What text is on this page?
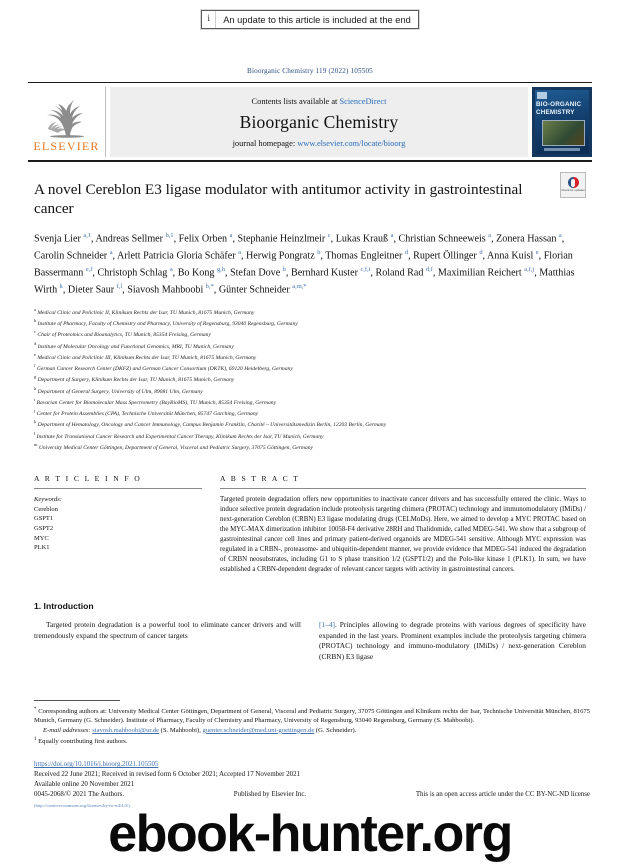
i	An update to this article is included at the end
Bioorganic Chemistry 119 (2022) 105505
ELSEVIER
Contents lists available at ScienceDirect
Bioorganic Chemistry
journal homepage: www.elsevier.com/locate/bioorg
BIO-ORGANIC CHEMISTRY
A novel Cereblon E3 ligase modulator with antitumor activity in gastrointestinal cancer
Check for updates
Svenja Lier $^{a,1}$, Andreas Sellmer $^{b,1}$, Felix Orben $^a$, Stephanie Heinzlmeir $^c$, Lukas Krauß $^a$, Christian Schneeweis $^a$, Zonera Hassan $^a$, Carolin Schneider $^a$, Arlett Patricia Gloria Schäfer $^a$, Herwig Pongratz $^b$, Thomas Engleitner $^d$, Rupert Öllinger $^d$, Anna Kuisl $^e$, Florian Bassermann $^{e,f}$, Christoph Schlag $^a$, Bo Kong $^{g,h}$, Stefan Dove $^b$, Bernhard Kuster $^{c,f,i}$, Roland Rad $^{d,f}$, Maximilian Reichert $^{a,f,j}$, Matthias Wirth $^k$, Dieter Saur $^{f,l}$, Siavosh Mahboobi $^{b,*}$, Günter Schneider $^{a,m,*}$
$^a$ Medical Clinic and Policlinic II, Klinikum Rechts der Isar, TU Munich, 81675 Munich, Germany
$^b$ Institute of Pharmacy, Faculty of Chemistry and Pharmacy, University of Regensburg, 93040 Regensburg, Germany
$^c$ Chair of Proteomics and Bioanalytics, TU Munich, 85354 Freising, Germany
$^d$ Institute of Molecular Oncology and Functional Genomics, MRI, TU Munich, Germany
$^e$ Medical Clinic and Policlinic III, Klinikum Rechts der Isar, TU Munich, 81675 Munich, Germany
$^f$ German Cancer Research Center (DKFZ) and German Cancer Consortium (DKTK), 69120 Heidelberg, Germany
$^g$ Department of Surgery, Klinikum Rechts der Isar, TU Munich, 81675 Munich, Germany
$^h$ Department of General Surgery, University of Ulm, 89081 Ulm, Germany
$^i$ Bavarian Center for Biomolecular Mass Spectrometry (BayBioMS), TU Munich, 85354 Freising, Germany
$^j$ Center for Protein Assemblies (CPA), Technische Universität München, 85747 Garching, Germany
$^k$ Department of Hematology, Oncology and Cancer Immunology, Campus Benjamin Franklin, Charité – Universitätsmedizin Berlin, 12203 Berlin, Germany
$^l$ Institute for Translational Cancer Research and Experimental Cancer Therapy, Klinikum Rechts der Isar, TU Munich, Germany
$^m$ University Medical Center Göttingen, Department of General, Visceral and Pediatric Surgery, 37075 Göttingen, Germany
A R T I C L E I N F O
Keywords:
Cereblon
GSPT1
GSPT2
MYC
PLK1
A B S T R A C T
Targeted protein degradation offers new opportunities to inactivate cancer drivers and has successfully entered the clinic. Ways to induce selective protein degradation include proteolysis targeting chimera (PROTAC) technology and immunomodulatory (IMiDs) / next-generation Cereblon (CRBN) E3 ligase modulating drugs (CELMoDs). Here, we aimed to develop a MYC PROTAC based on the MYC-MAX dimerization inhibitor 10058-F4 derivative 28RH and Thalidomide, called MDEG-541. We show that a subgroup of gastrointestinal cancer cell lines and primary patient-derived organoids are MDEG-541 sensitive. Although MYC expression was regulated in a CRBN-, proteasome- and ubiquitin-dependent manner, we provide evidence that MDEG-541 induced the degradation of CRBN neosubstrates, including G1 to S phase transition 1/2 (GSPT1/2) and the Polo-like kinase 1 (PLK1). In sum, we have established a CRBN-dependent degrader of relevant cancer targets with activity in gastrointestinal cancers.
1. Introduction
Targeted protein degradation is a powerful tool to eliminate cancer drivers and will tremendously expand the spectrum of cancer targets
[1–4]. Principles allowing to degrade proteins with various degrees of specificity have expanded in the last years. Prominent examples include the proteolysis targeting chimera (PROTAC) technology and immuno-modulatory (IMiDs) / next-generation Cereblon (CRBN) E3 ligase
* Corresponding authors at: University Medical Center Göttingen, Department of General, Visceral and Pediatric Surgery, 37075 Göttingen and Klinikum rechts der Isar, Technische Universität München, 81675 Munich, Germany (G. Schneider). Institute of Pharmacy, Faculty of Chemistry and Pharmacy, University of Regensburg, 93040 Regensburg, Germany (S. Mahboobi).
E-mail addresses: siavosh.mahboobi@ur.de (S. Mahboobi), guenter.schneider@med.uni-goettingen.de (G. Schneider).
$^1$ Equally contributing first authors.
https://doi.org/10.1016/j.bioorg.2021.105505
Received 22 June 2021; Received in revised form 6 October 2021; Accepted 17 November 2021
Available online 20 November 2021
0045-2068/© 2021 The Authors.	Published by Elsevier Inc.	This is an open access article under the CC BY-NC-ND license
(http://creativecommons.org/licenses/by-nc-nd/4.0/).
ebook-hunter.org
